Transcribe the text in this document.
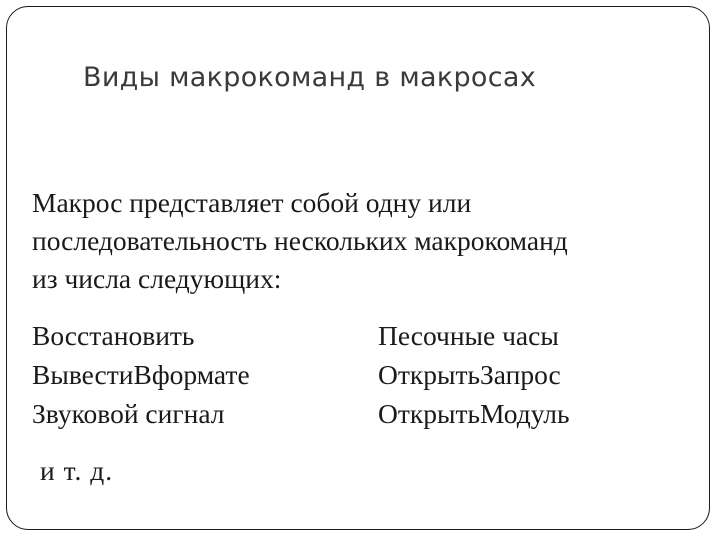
Виды макрокоманд в макросах

Макрос представляет собой одну или
последовательность нескольких макрокоманд
из числа следующих:

Восстановить
ВывестиВформате
Звуковой сигнал
Песочные часы
ОткрытьЗапрос
ОткрытьМодуль

и т. д.
